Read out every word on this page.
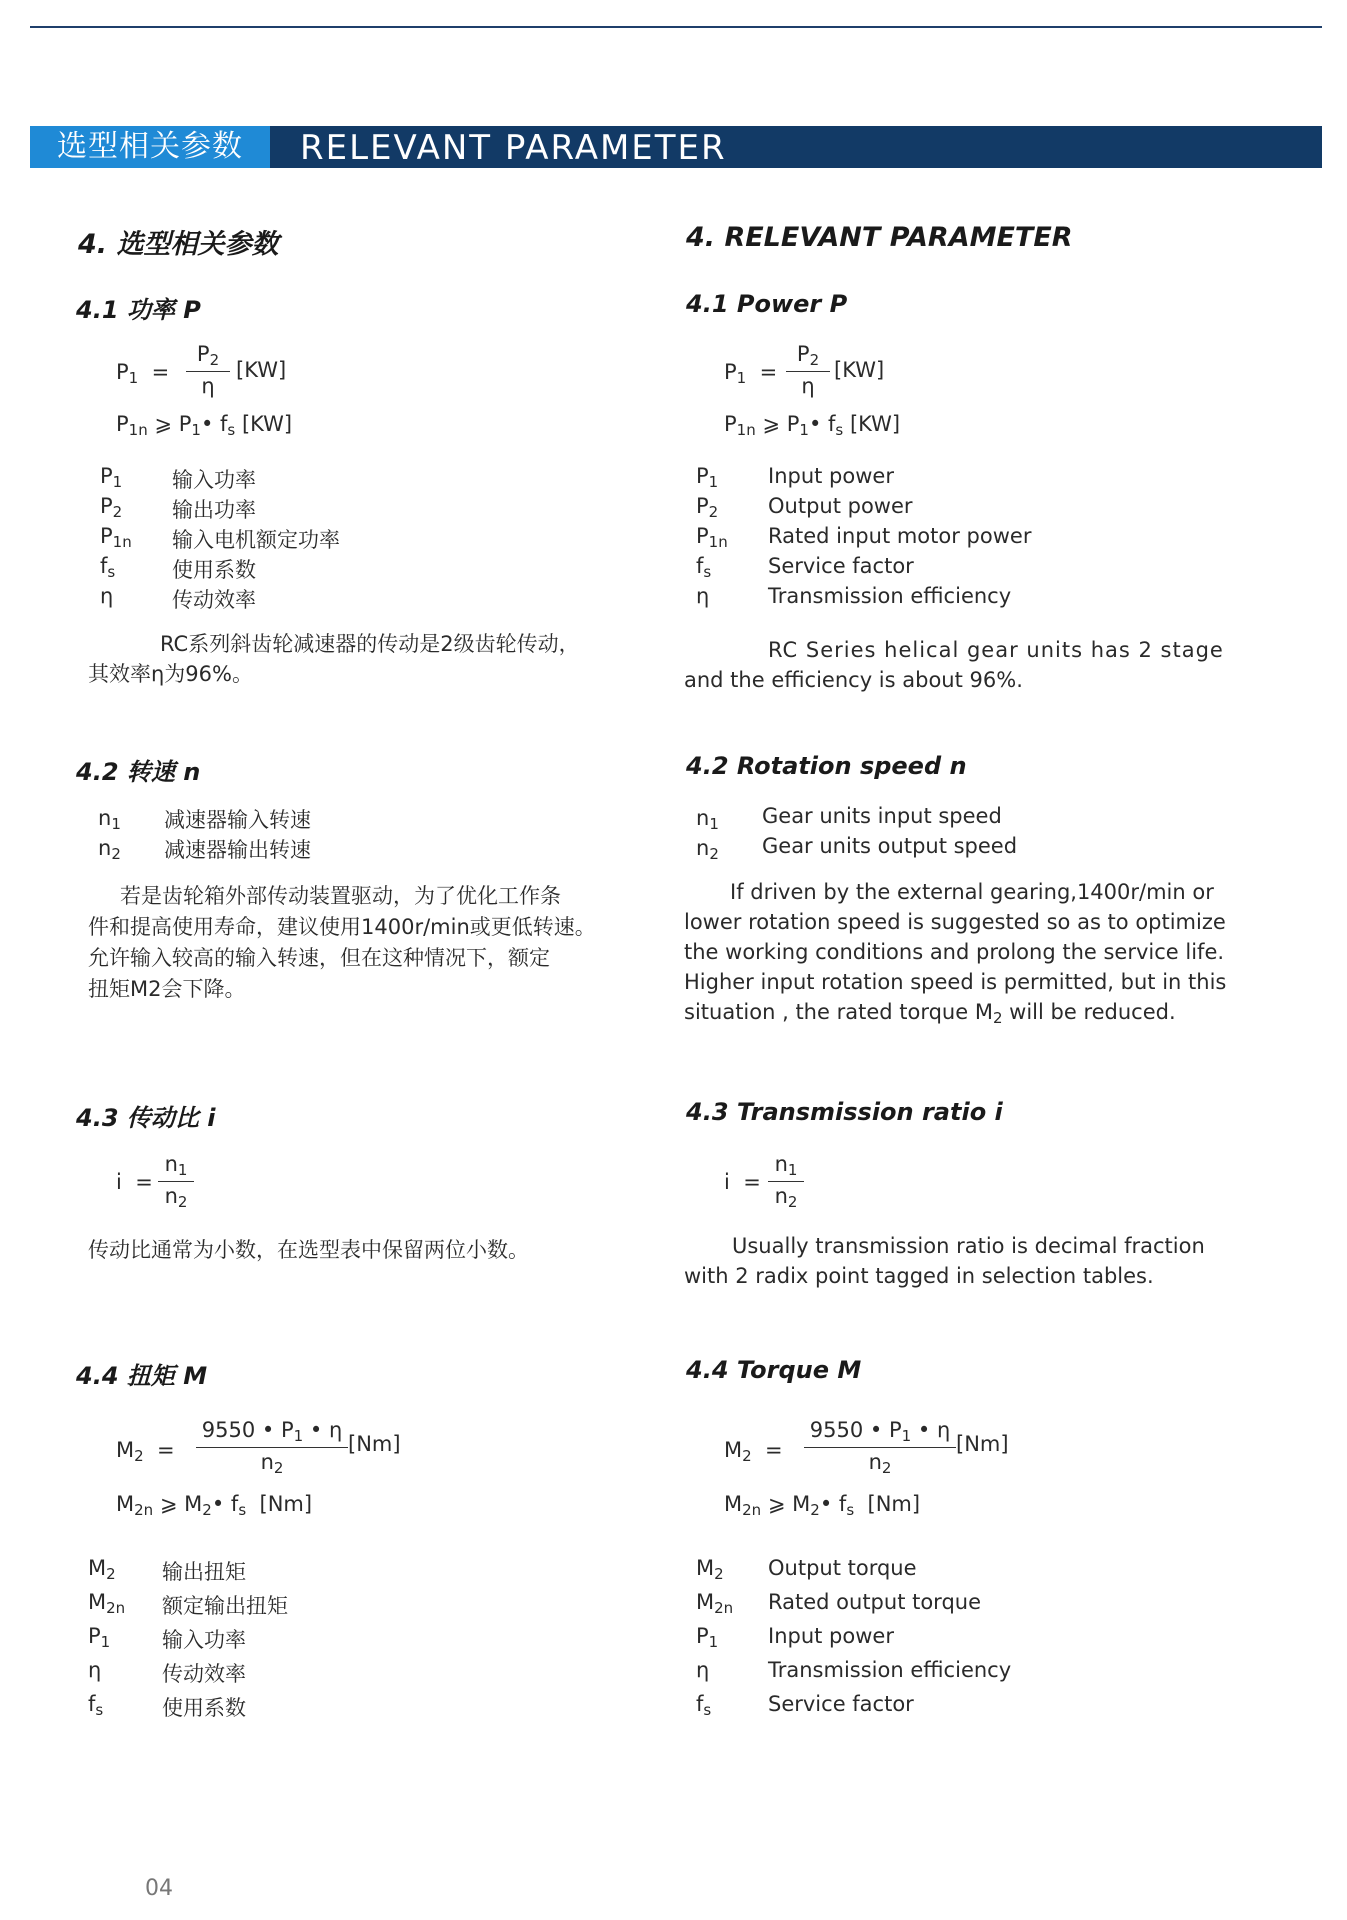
选型相关参数	RELEVANT PARAMETER
4. 选型相关参数
4.1 功率 P
$P_1$ =
$P_2$
η
[KW]
$P_{1n}$ ⩾ $P_1•$ $f_s$ [KW]
$P_1$ 输入功率
$P_2$ 输出功率
$P_{1n}$ 输入电机额定功率
$f_s$	使用系数
η	传动效率
RC系列斜齿轮减速器的传动是2级齿轮传动，
其效率η为96%。
4.2 转速 n
$n_1$ 减速器输入转速
$n_2$ 减速器输出转速
若是齿轮箱外部传动装置驱动，为了优化工作条
件和提高使用寿命，建议使用1400r/min或更低转速。
允许输入较高的输入转速，但在这种情况下，额定
扭矩M2会下降。
4.3 传动比 i
i =
$n_1$
$n_2$
传动比通常为小数，在选型表中保留两位小数。
4.4 扭矩 M
$M_2$ =
9550 • $P_1$ • η
$n_2$
[Nm]
$M_{2n}$ ⩾ $M_2•$ $f_s$ [Nm]
$M_2$ 输出扭矩
$M_{2n}$ 额定输出扭矩
$P_1$ 输入功率
η	传动效率
$f_s$	使用系数
4. RELEVANT PARAMETER
4.1 Power P
$P_1$ =
$P_2$
η
[KW]
$P_{1n}$ ⩾ $P_1•$ $f_s$ [KW]
$P_1$ Input power
$P_2$ Output power
$P_{1n}$ Rated input motor power
$f_s$	Service factor
η	Transmission efficiency
RC Series helical gear units has 2 stage
and the efficiency is about 96%.
4.2 Rotation speed n
$n_1$ Gear units input speed
$n_2$ Gear units output speed
If driven by the external gearing,1400r/min or
lower rotation speed is suggested so as to optimize
the working conditions and prolong the service life.
Higher input rotation speed is permitted, but in this
situation , the rated torque $M_2$ will be reduced.
4.3 Transmission ratio i
i =
$n_1$
$n_2$
Usually transmission ratio is decimal fraction
with 2 radix point tagged in selection tables.
4.4 Torque M
$M_2$ =
9550 • $P_1$ • η
$n_2$
[Nm]
$M_{2n}$ ⩾ $M_2•$ $f_s$ [Nm]
$M_2$ Output torque
$M_{2n}$ Rated output torque
$P_1$ Input power
η	Transmission efficiency
$f_s$	Service factor
04
